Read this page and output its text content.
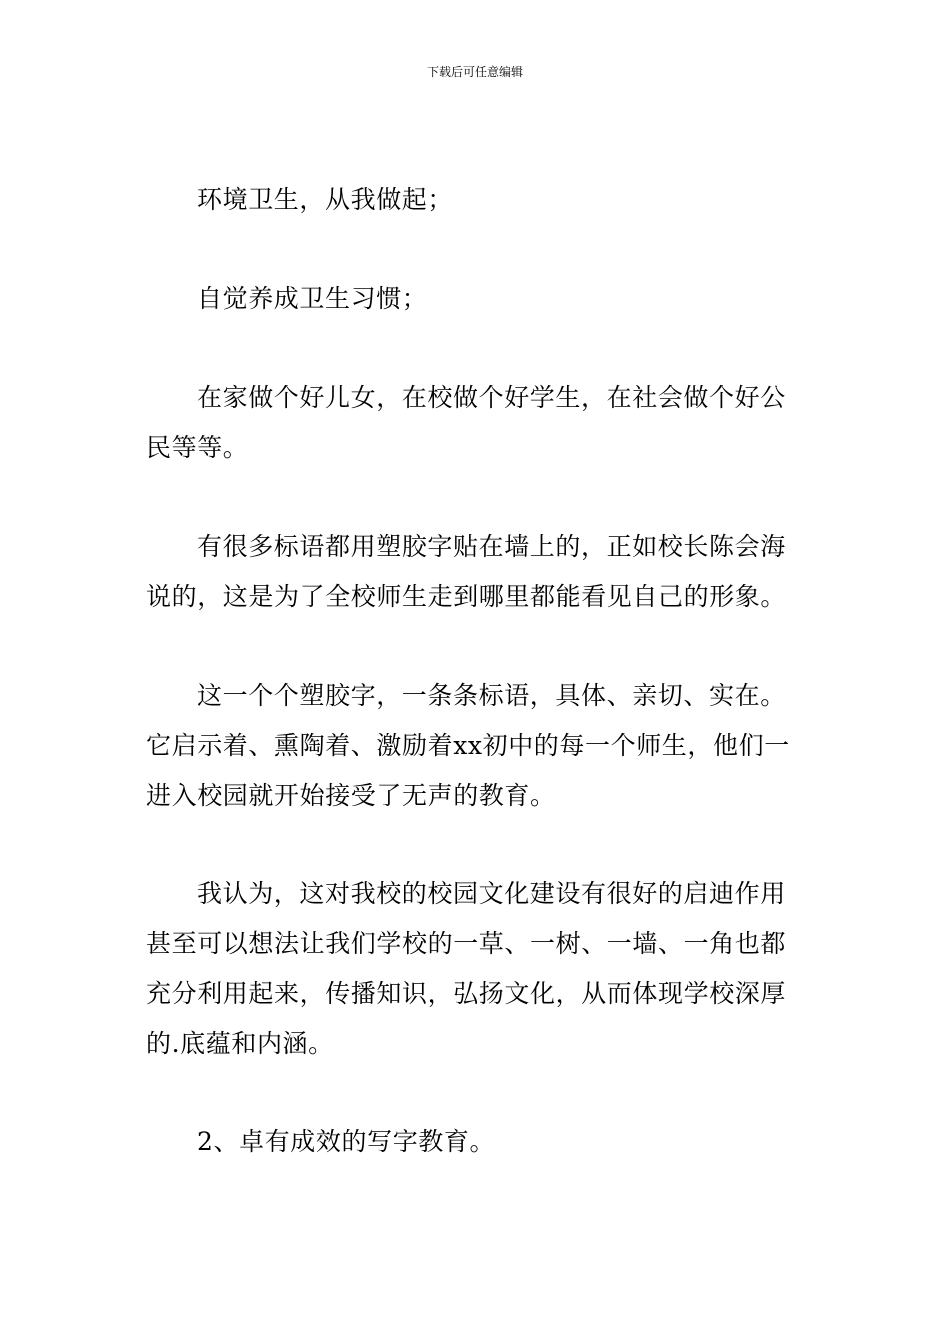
下载后可任意编辑

环境卫生，从我做起；

自觉养成卫生习惯；

在家做个好儿女，在校做个好学生，在社会做个好公民等等。

有很多标语都用塑胶字贴在墙上的，正如校长陈会海说的，这是为了全校师生走到哪里都能看见自己的形象。

这一个个塑胶字，一条条标语，具体、亲切、实在。它启示着、熏陶着、激励着xx初中的每一个师生，他们一进入校园就开始接受了无声的教育。

我认为，这对我校的校园文化建设有很好的启迪作用甚至可以想法让我们学校的一草、一树、一墙、一角也都充分利用起来，传播知识，弘扬文化，从而体现学校深厚的.底蕴和内涵。

2、卓有成效的写字教育。
